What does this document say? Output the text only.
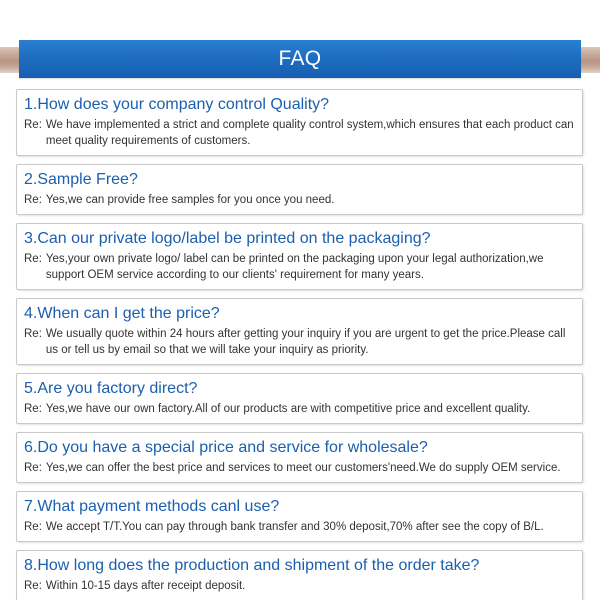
FAQ
1.How does your company control Quality?
Re: We have implemented a strict and complete quality control system,which ensures that each product can meet quality requirements of customers.
2.Sample Free?
Re: Yes,we can provide free samples for you once you need.
3.Can our private logo/label be printed on the packaging?
Re: Yes,your own private logo/ label can be printed on the packaging upon your legal authorization,we support OEM service according to our clients' requirement for many years.
4.When can I get the price?
Re: We usually quote within 24 hours after getting your inquiry if you are urgent to get the price.Please call us or tell us by email so that we will take your inquiry as priority.
5.Are you factory direct?
Re: Yes,we have our own factory.All of our products are with competitive price and excellent quality.
6.Do you have a special price and service for wholesale?
Re: Yes,we can offer the best price and services to meet our customers'need.We do supply OEM service.
7.What payment methods canl use?
Re: We accept T/T.You can pay through bank transfer and 30% deposit,70% after see the copy of B/L.
8.How long does the production and shipment of the order take?
Re: Within 10-15 days after receipt deposit.
